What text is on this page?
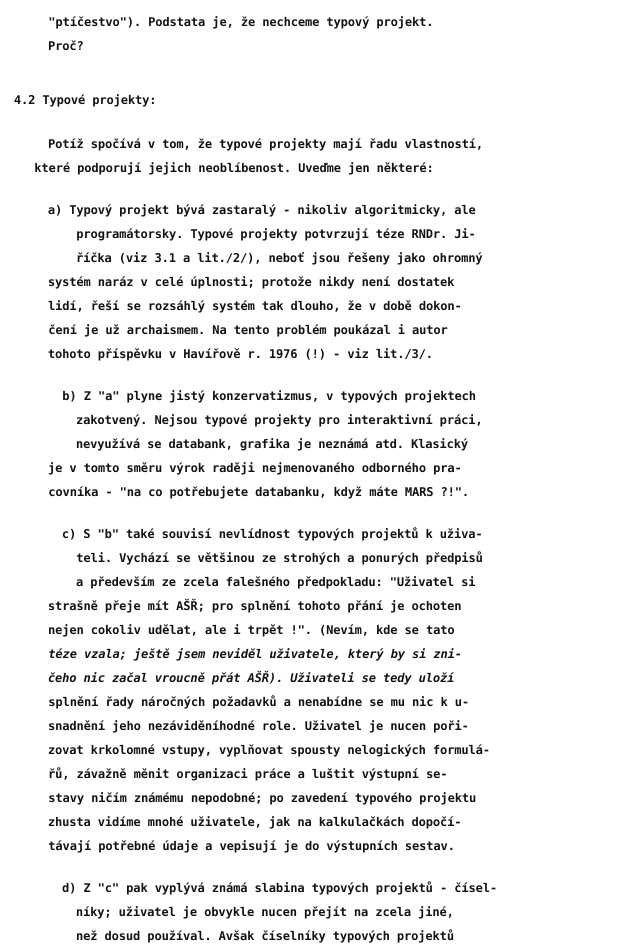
"ptíčestvo"). Podstata je, že nechceme typový projekt.
Proč?
4.2 Typové projekty:
Potíž spočívá v tom, že typové projekty mají řadu vlastností,
které podporují jejich neoblíbenost. Uveďme jen některé:
a) Typový projekt bývá zastaralý - nikoliv algoritmicky, ale
programátorsky. Typové projekty potvrzují téze RNDr. Ji-
říčka (viz 3.1 a lit./2/), neboť jsou řešeny jako ohromný
systém naráz v celé úplnosti; protože nikdy není dostatek
lidí, řeší se rozsáhlý systém tak dlouho, že v době dokon-
čení je už archaismem. Na tento problém poukázal i autor
tohoto příspěvku v Havířově r. 1976 (!) - viz lit./3/.
b) Z "a" plyne jistý konzervatizmus, v typových projektech
zakotvený. Nejsou typové projekty pro interaktivní práci,
nevyužívá se databank, grafika je neznámá atd. Klasický
je v tomto směru výrok raději nejmenovaného odborného pra-
covníka - "na co potřebujete databanku, když máte MARS ?!".
c) S "b" také souvisí nevlídnost typových projektů k uživa-
teli. Vychází se většinou ze strohých a ponurých předpisů
a především ze zcela falešného předpokladu: "Uživatel si
strašně přeje mít AŠŘ; pro splnění tohoto přání je ochoten
nejen cokoliv udělat, ale i trpět !". (Nevím, kde se tato
téze vzala; ještě jsem neviděl uživatele, který by si zni-
čeho nic začal vroucně přát AŠŘ). Uživateli se tedy uloží
splnění řady náročných požadavků a nenabídne se mu nic k u-
snadnění jeho nezáviděníhodné role. Uživatel je nucen poři-
zovat krkolomné vstupy, vyplňovat spousty nelogických formulá-
řů, závažně měnit organizaci práce a luštit výstupní se-
stavy ničím známému nepodobné; po zavedení typového projektu
zhusta vidíme mnohé uživatele, jak na kalkulačkách dopočí-
távají potřebné údaje a vepisují je do výstupních sestav.
d) Z "c" pak vyplývá známá slabina typových projektů - čísel-
níky; uživatel je obvykle nucen přejít na zcela jiné,
než dosud používal. Avšak číselníky typových projektů
